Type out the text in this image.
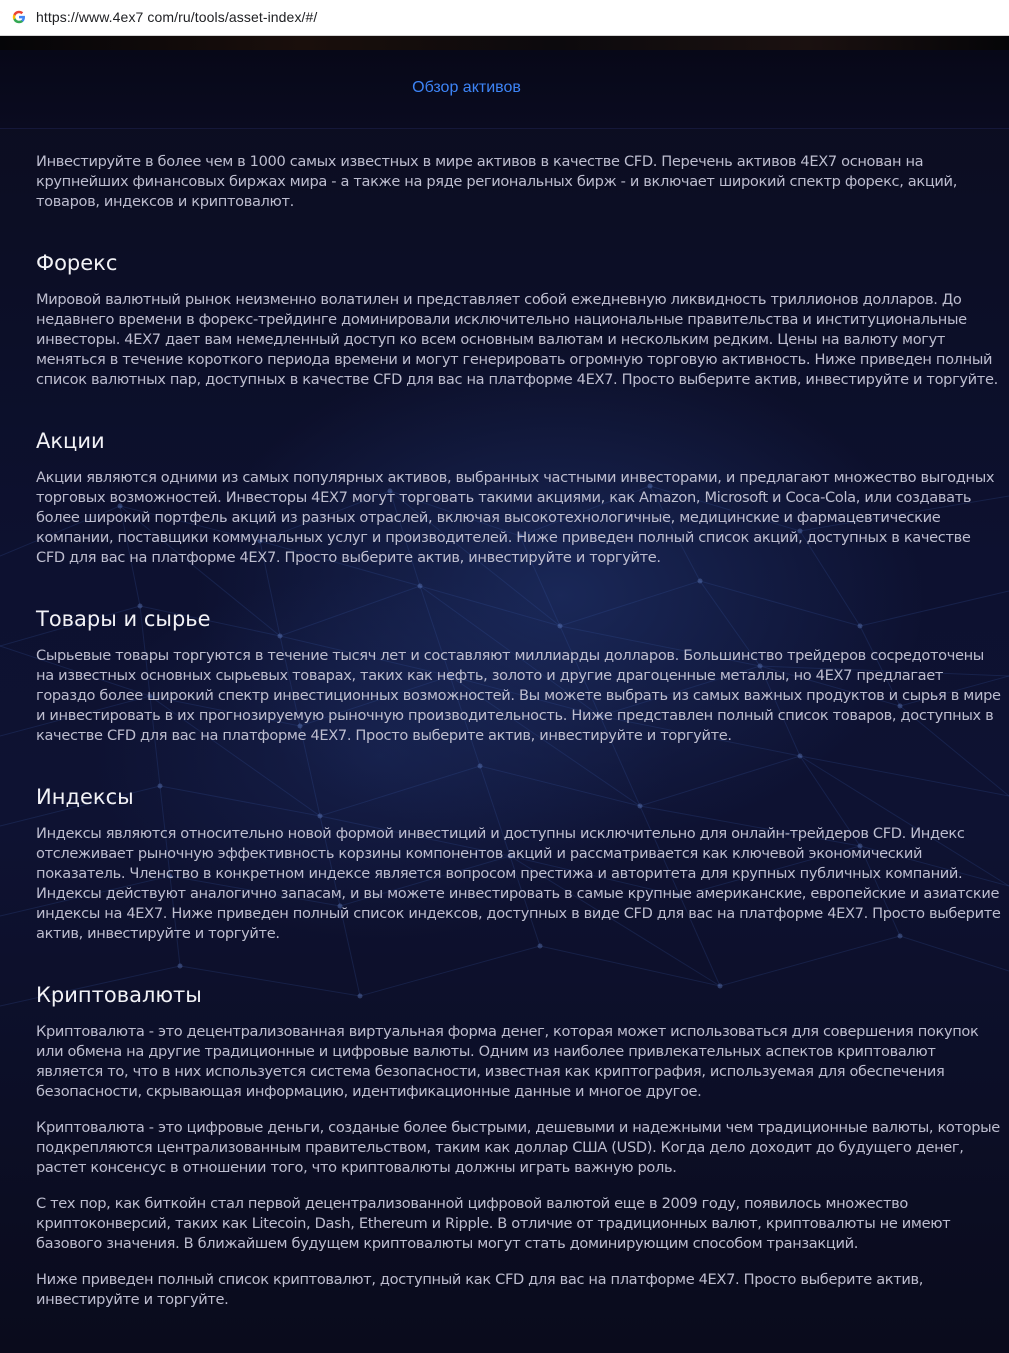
https://www.4ex7 com/ru/tools/asset-index/#/
Обзор активов

Инвестируйте в более чем в 1000 самых известных в мире активов в качестве CFD. Перечень активов 4EX7 основан на крупнейших финансовых биржах мира - а также на ряде региональных бирж - и включает широкий спектр форекс, акций, товаров, индексов и криптовалют.

Форекс

Мировой валютный рынок неизменно волатилен и представляет собой ежедневную ликвидность триллионов долларов. До недавнего времени в форекс-трейдинге доминировали исключительно национальные правительства и институциональные инвесторы. 4EX7 дает вам немедленный доступ ко всем основным валютам и нескольким редким. Цены на валюту могут меняться в течение короткого периода времени и могут генерировать огромную торговую активность. Ниже приведен полный список валютных пар, доступных в качестве CFD для вас на платформе 4EX7. Просто выберите актив, инвестируйте и торгуйте.

Акции

Акции являются одними из самых популярных активов, выбранных частными инвесторами, и предлагают множество выгодных торговых возможностей. Инвесторы 4EX7 могут торговать такими акциями, как Amazon, Microsoft и Coca-Cola, или создавать более широкий портфель акций из разных отраслей, включая высокотехнологичные, медицинские и фармацевтические компании, поставщики коммунальных услуг и производителей. Ниже приведен полный список акций, доступных в качестве CFD для вас на платформе 4EX7. Просто выберите актив, инвестируйте и торгуйте.

Товары и сырье

Сырьевые товары торгуются в течение тысяч лет и составляют миллиарды долларов. Большинство трейдеров сосредоточены на известных основных сырьевых товарах, таких как нефть, золото и другие драгоценные металлы, но 4EX7 предлагает гораздо более широкий спектр инвестиционных возможностей. Вы можете выбрать из самых важных продуктов и сырья в мире и инвестировать в их прогнозируемую рыночную производительность. Ниже представлен полный список товаров, доступных в качестве CFD для вас на платформе 4EX7. Просто выберите актив, инвестируйте и торгуйте.

Индексы

Индексы являются относительно новой формой инвестиций и доступны исключительно для онлайн-трейдеров CFD. Индекс отслеживает рыночную эффективность корзины компонентов акций и рассматривается как ключевой экономический показатель. Членство в конкретном индексе является вопросом престижа и авторитета для крупных публичных компаний. Индексы действуют аналогично запасам, и вы можете инвестировать в самые крупные американские, европейские и азиатские индексы на 4EX7. Ниже приведен полный список индексов, доступных в виде CFD для вас на платформе 4EX7. Просто выберите актив, инвестируйте и торгуйте.

Криптовалюты

Криптовалюта - это децентрализованная виртуальная форма денег, которая может использоваться для совершения покупок или обмена на другие традиционные и цифровые валюты. Одним из наиболее привлекательных аспектов криптовалют является то, что в них используется система безопасности, известная как криптография, используемая для обеспечения безопасности, скрывающая информацию, идентификационные данные и многое другое.

Криптовалюта - это цифровые деньги, созданые более быстрыми, дешевыми и надежными чем традиционные валюты, которые подкрепляются централизованным правительством, таким как доллар США (USD). Когда дело доходит до будущего денег, растет консенсус в отношении того, что криптовалюты должны играть важную роль.

С тех пор, как биткойн стал первой децентрализованной цифровой валютой еще в 2009 году, появилось множество криптоконверсий, таких как Litecoin, Dash, Ethereum и Ripple. В отличие от традиционных валют, криптовалюты не имеют базового значения. В ближайшем будущем криптовалюты могут стать доминирующим способом транзакций.

Ниже приведен полный список криптовалют, доступный как CFD для вас на платформе 4EX7. Просто выберите актив, инвестируйте и торгуйте.
